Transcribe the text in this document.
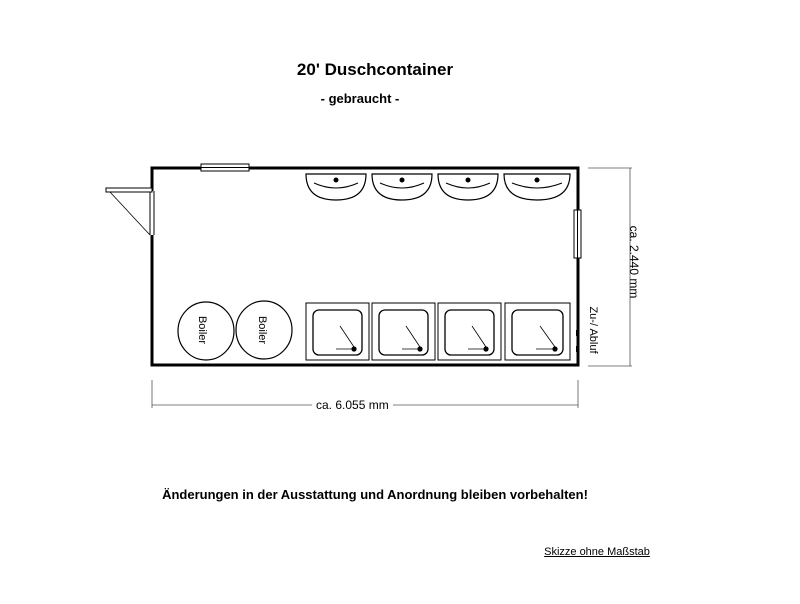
20' Duschcontainer
- gebraucht -
ca. 6.055 mm
ca. 2.440 mm
Boiler	Boiler	Zu-/ Abluf
Änderungen in der Ausstattung und Anordnung bleiben vorbehalten!
Skizze ohne Maßstab
